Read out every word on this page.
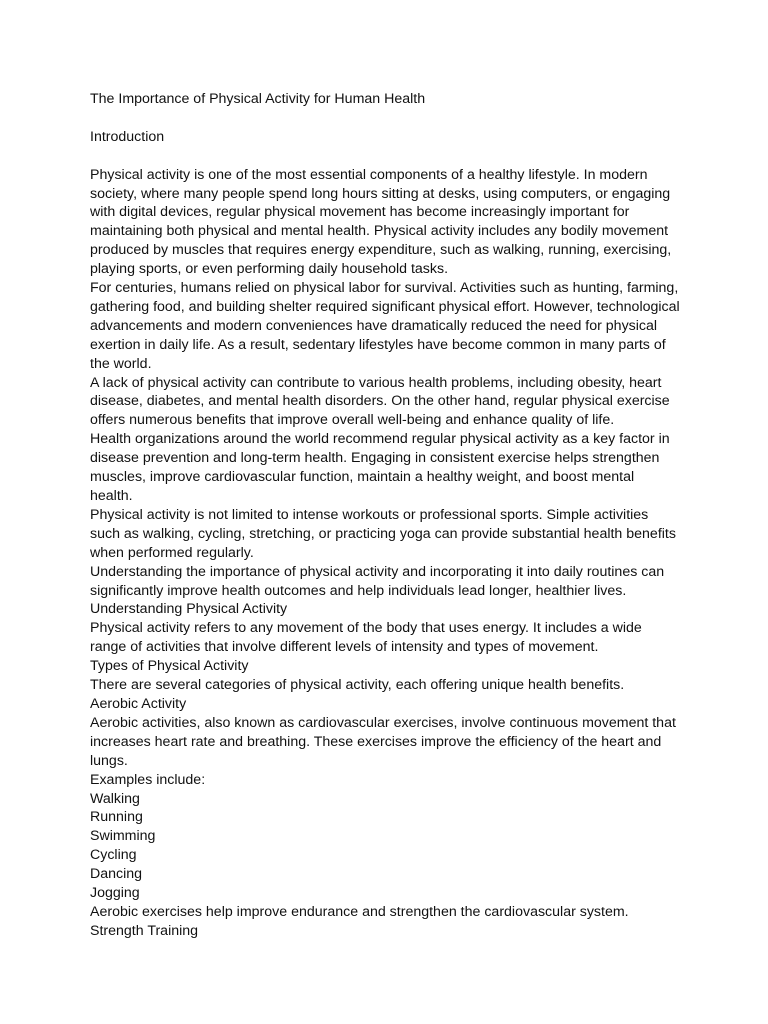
The Importance of Physical Activity for Human Health

Introduction

Physical activity is one of the most essential components of a healthy lifestyle. In modern society, where many people spend long hours sitting at desks, using computers, or engaging with digital devices, regular physical movement has become increasingly important for maintaining both physical and mental health. Physical activity includes any bodily movement produced by muscles that requires energy expenditure, such as walking, running, exercising, playing sports, or even performing daily household tasks.

For centuries, humans relied on physical labor for survival. Activities such as hunting, farming, gathering food, and building shelter required significant physical effort. However, technological advancements and modern conveniences have dramatically reduced the need for physical exertion in daily life. As a result, sedentary lifestyles have become common in many parts of the world.

A lack of physical activity can contribute to various health problems, including obesity, heart disease, diabetes, and mental health disorders. On the other hand, regular physical exercise offers numerous benefits that improve overall well-being and enhance quality of life.

Health organizations around the world recommend regular physical activity as a key factor in disease prevention and long-term health. Engaging in consistent exercise helps strengthen muscles, improve cardiovascular function, maintain a healthy weight, and boost mental health.

Physical activity is not limited to intense workouts or professional sports. Simple activities such as walking, cycling, stretching, or practicing yoga can provide substantial health benefits when performed regularly.

Understanding the importance of physical activity and incorporating it into daily routines can significantly improve health outcomes and help individuals lead longer, healthier lives.

Understanding Physical Activity

Physical activity refers to any movement of the body that uses energy. It includes a wide range of activities that involve different levels of intensity and types of movement.

Types of Physical Activity

There are several categories of physical activity, each offering unique health benefits.

Aerobic Activity

Aerobic activities, also known as cardiovascular exercises, involve continuous movement that increases heart rate and breathing. These exercises improve the efficiency of the heart and lungs.

Examples include:

Walking
Running
Swimming
Cycling
Dancing
Jogging

Aerobic exercises help improve endurance and strengthen the cardiovascular system.

Strength Training
